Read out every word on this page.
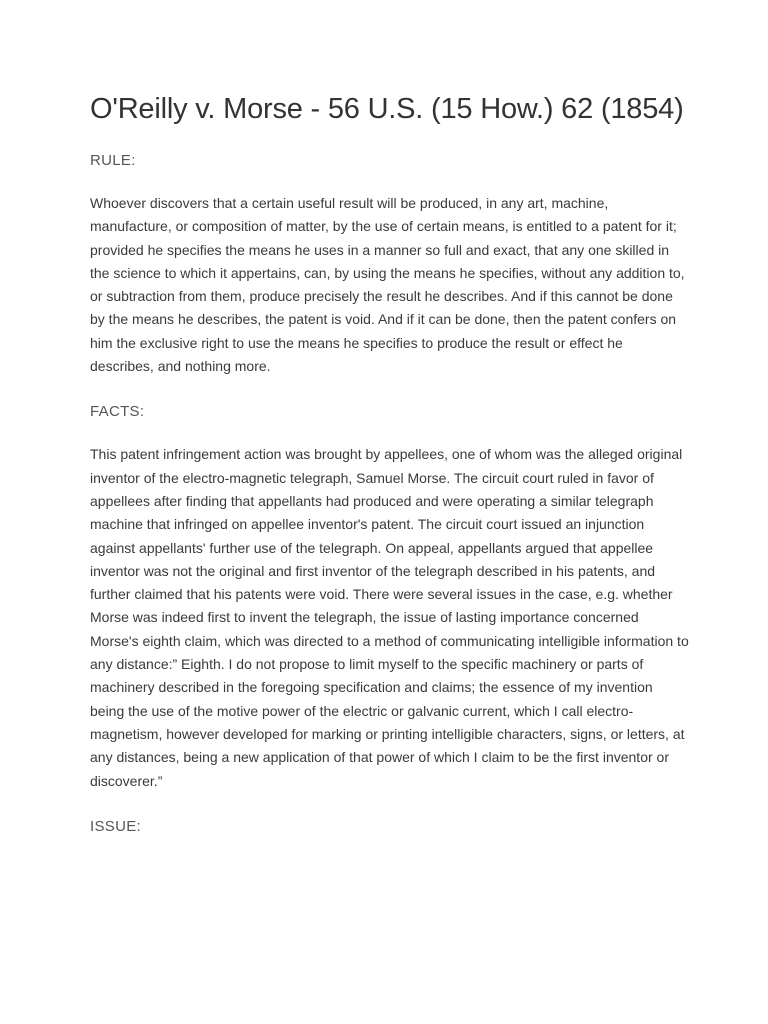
O'Reilly v. Morse - 56 U.S. (15 How.) 62 (1854)
RULE:

Whoever discovers that a certain useful result will be produced, in any art, machine, manufacture, or composition of matter, by the use of certain means, is entitled to a patent for it; provided he specifies the means he uses in a manner so full and exact, that any one skilled in the science to which it appertains, can, by using the means he specifies, without any addition to, or subtraction from them, produce precisely the result he describes. And if this cannot be done by the means he describes, the patent is void. And if it can be done, then the patent confers on him the exclusive right to use the means he specifies to produce the result or effect he describes, and nothing more.

FACTS:

This patent infringement action was brought by appellees, one of whom was the alleged original inventor of the electro-magnetic telegraph, Samuel Morse. The circuit court ruled in favor of appellees after finding that appellants had produced and were operating a similar telegraph machine that infringed on appellee inventor's patent. The circuit court issued an injunction against appellants' further use of the telegraph. On appeal, appellants argued that appellee inventor was not the original and first inventor of the telegraph described in his patents, and further claimed that his patents were void. There were several issues in the case, e.g. whether Morse was indeed first to invent the telegraph, the issue of lasting importance concerned Morse's eighth claim, which was directed to a method of communicating intelligible information to any distance:” Eighth. I do not propose to limit myself to the specific machinery or parts of machinery described in the foregoing specification and claims; the essence of my invention being the use of the motive power of the electric or galvanic current, which I call electro-magnetism, however developed for marking or printing intelligible characters, signs, or letters, at any distances, being a new application of that power of which I claim to be the first inventor or discoverer.”

ISSUE:
